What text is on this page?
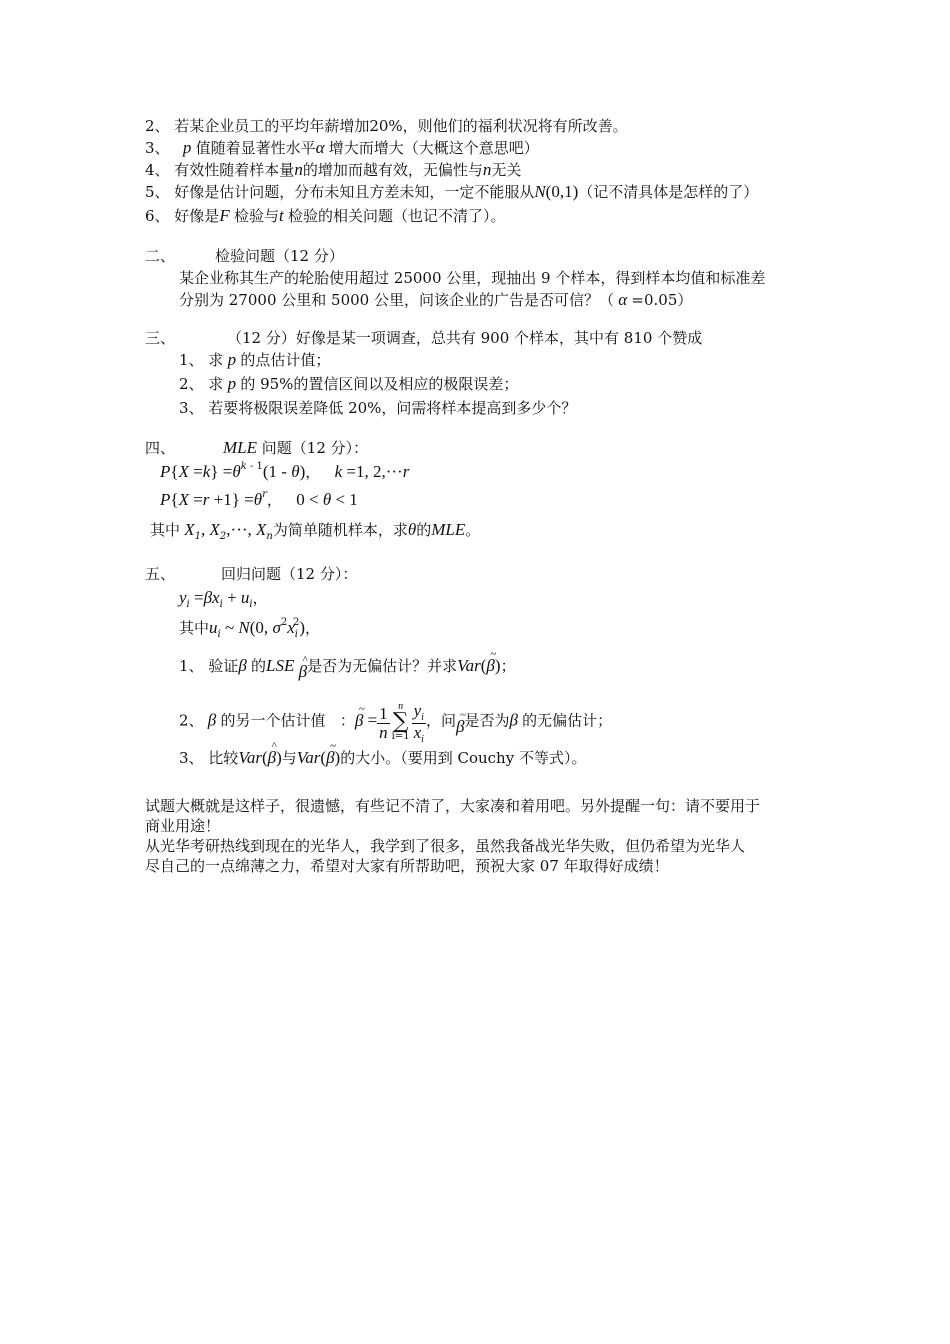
2、 若某企业员工的平均年薪增加20%，则他们的福利状况将有所改善。
3、   p 值随着显著性水平α 增大而增大（大概这个意思吧）
4、 有效性随着样本量n的增加而越有效，无偏性与n无关
5、 好像是估计问题，分布未知且方差未知，一定不能服从N(0,1)（记不清具体是怎样的了）
6、 好像是F 检验与t 检验的相关问题（也记不清了）。
二、	检验问题（12 分）
某企业称其生产的轮胎使用超过 25000 公里，现抽出 9 个样本，得到样本均值和标准差
分别为 27000 公里和 5000 公里，问该企业的广告是否可信？（ α =0.05）
三、	（12 分）好像是某一项调查，总共有 900 个样本，其中有 810 个赞成
1、 求 p 的点估计值；
2、 求 p 的 95%的置信区间以及相应的极限误差；
3、 若要将极限误差降低 20%，问需将样本提高到多少个？
四、	MLE 问题（12 分）：
$P\{X =k\} =\theta^{k - 1}(1 - \theta)$， k =1, 2,···r
$P\{X =r +1\} =\theta^r$， 0 < θ < 1
其中 $X_1$, $X_2,\cdot\cdot\cdot$, $X_n$为简单随机样本，求θ的MLE。
五、	回归问题（12 分）：
$y_i =\beta x_i + u_i$，
其中$u_i$ ~ N(0, $\sigma^2x_i^2$)，
1、 验证β 的LSE ^
β是否为无偏估计？并求Var(
~
β)；
2、 β 的另一个估计值 ：
~
$\beta = \frac{1}{n}$ n
∑
$i=1 \frac{y_i}{x_i}$ ，问 ~
β是否为β 的无偏估计；
3、 比较Var(
^
β)与Var(
~
β)的大小。（要用到 Couchy 不等式）。
试题大概就是这样子，很遗憾，有些记不清了，大家凑和着用吧。另外提醒一句：请不要用于
商业用途！
从光华考研热线到现在的光华人，我学到了很多，虽然我备战光华失败，但仍希望为光华人
尽自己的一点绵薄之力，希望对大家有所帮助吧，预祝大家 07 年取得好成绩！
